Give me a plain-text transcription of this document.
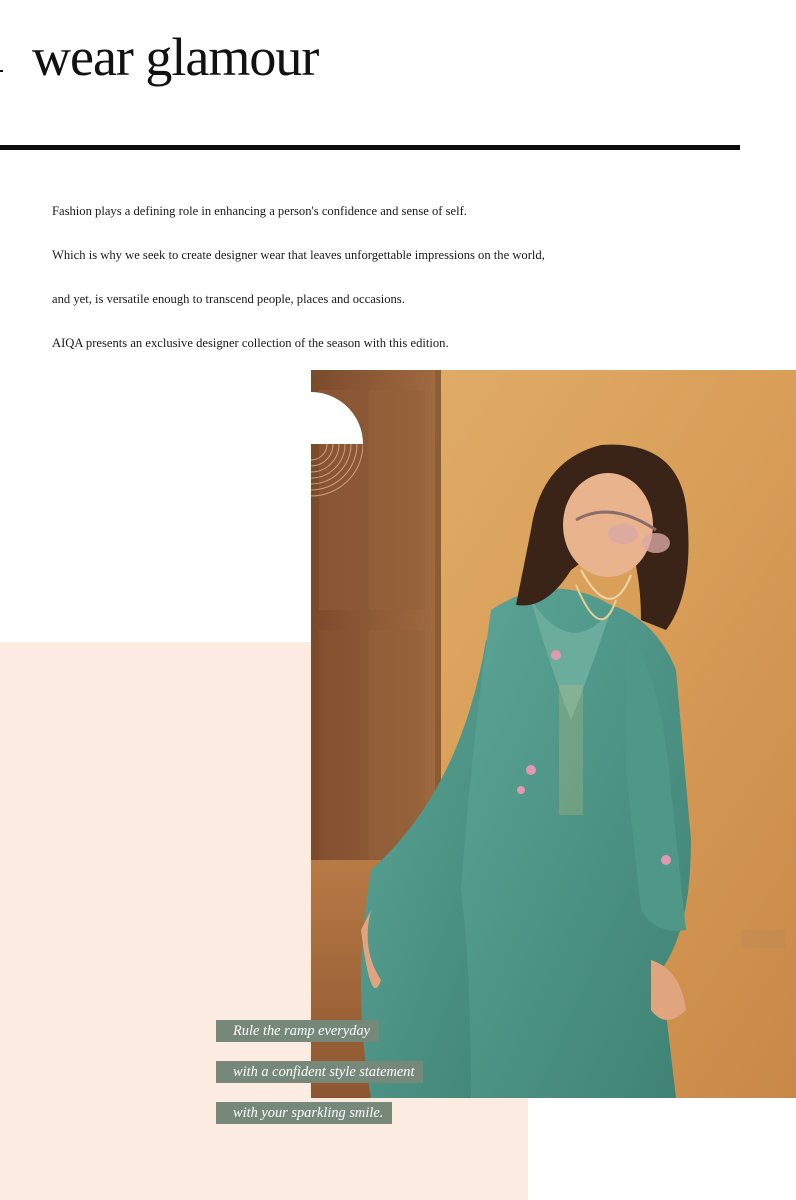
wear glamour

Fashion plays a defining role in enhancing a person's confidence and sense of self.

Which is why we seek to create designer wear that leaves unforgettable impressions on the world,

and yet, is versatile enough to transcend people, places and occasions.

AIQA presents an exclusive designer collection of the season with this edition.

Rule the ramp everyday
with a confident style statement
with your sparkling smile.
